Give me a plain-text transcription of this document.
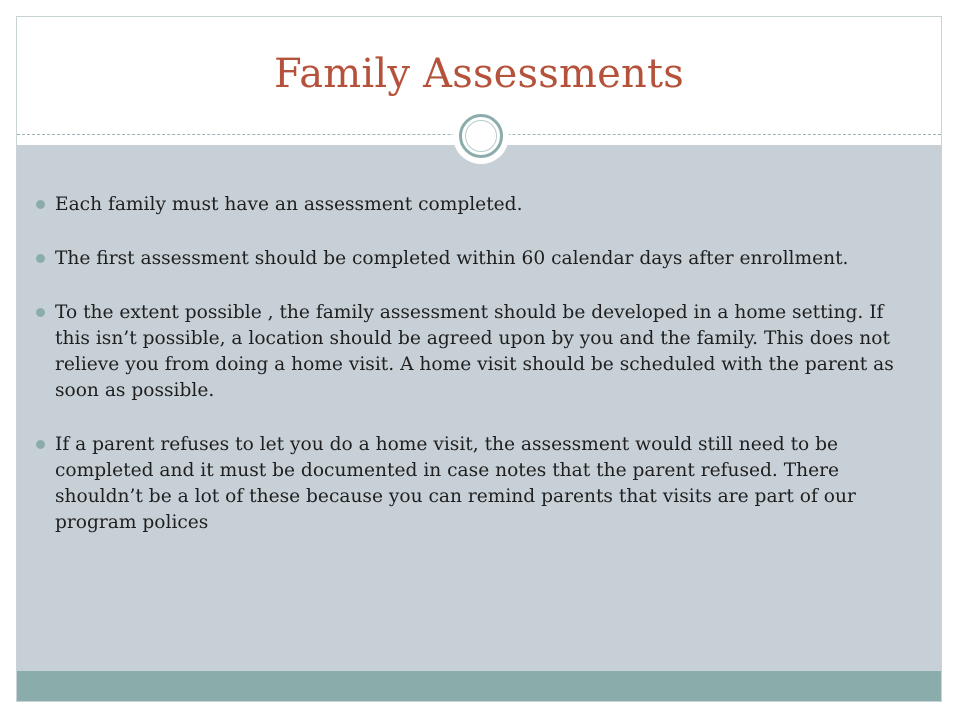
Family Assessments
Each family must have an assessment completed.
The first assessment should be completed within 60 calendar days after enrollment.
To the extent possible , the family assessment should be developed in a home setting. If this isn’t possible, a location should be agreed upon by you and the family. This does not relieve you from doing a home visit. A home visit should be scheduled with the parent as soon as possible.
If a parent refuses to let you do a home visit, the assessment would still need to be completed and it must be documented in case notes that the parent refused. There shouldn’t be a lot of these because you can remind parents that visits are part of our program polices
